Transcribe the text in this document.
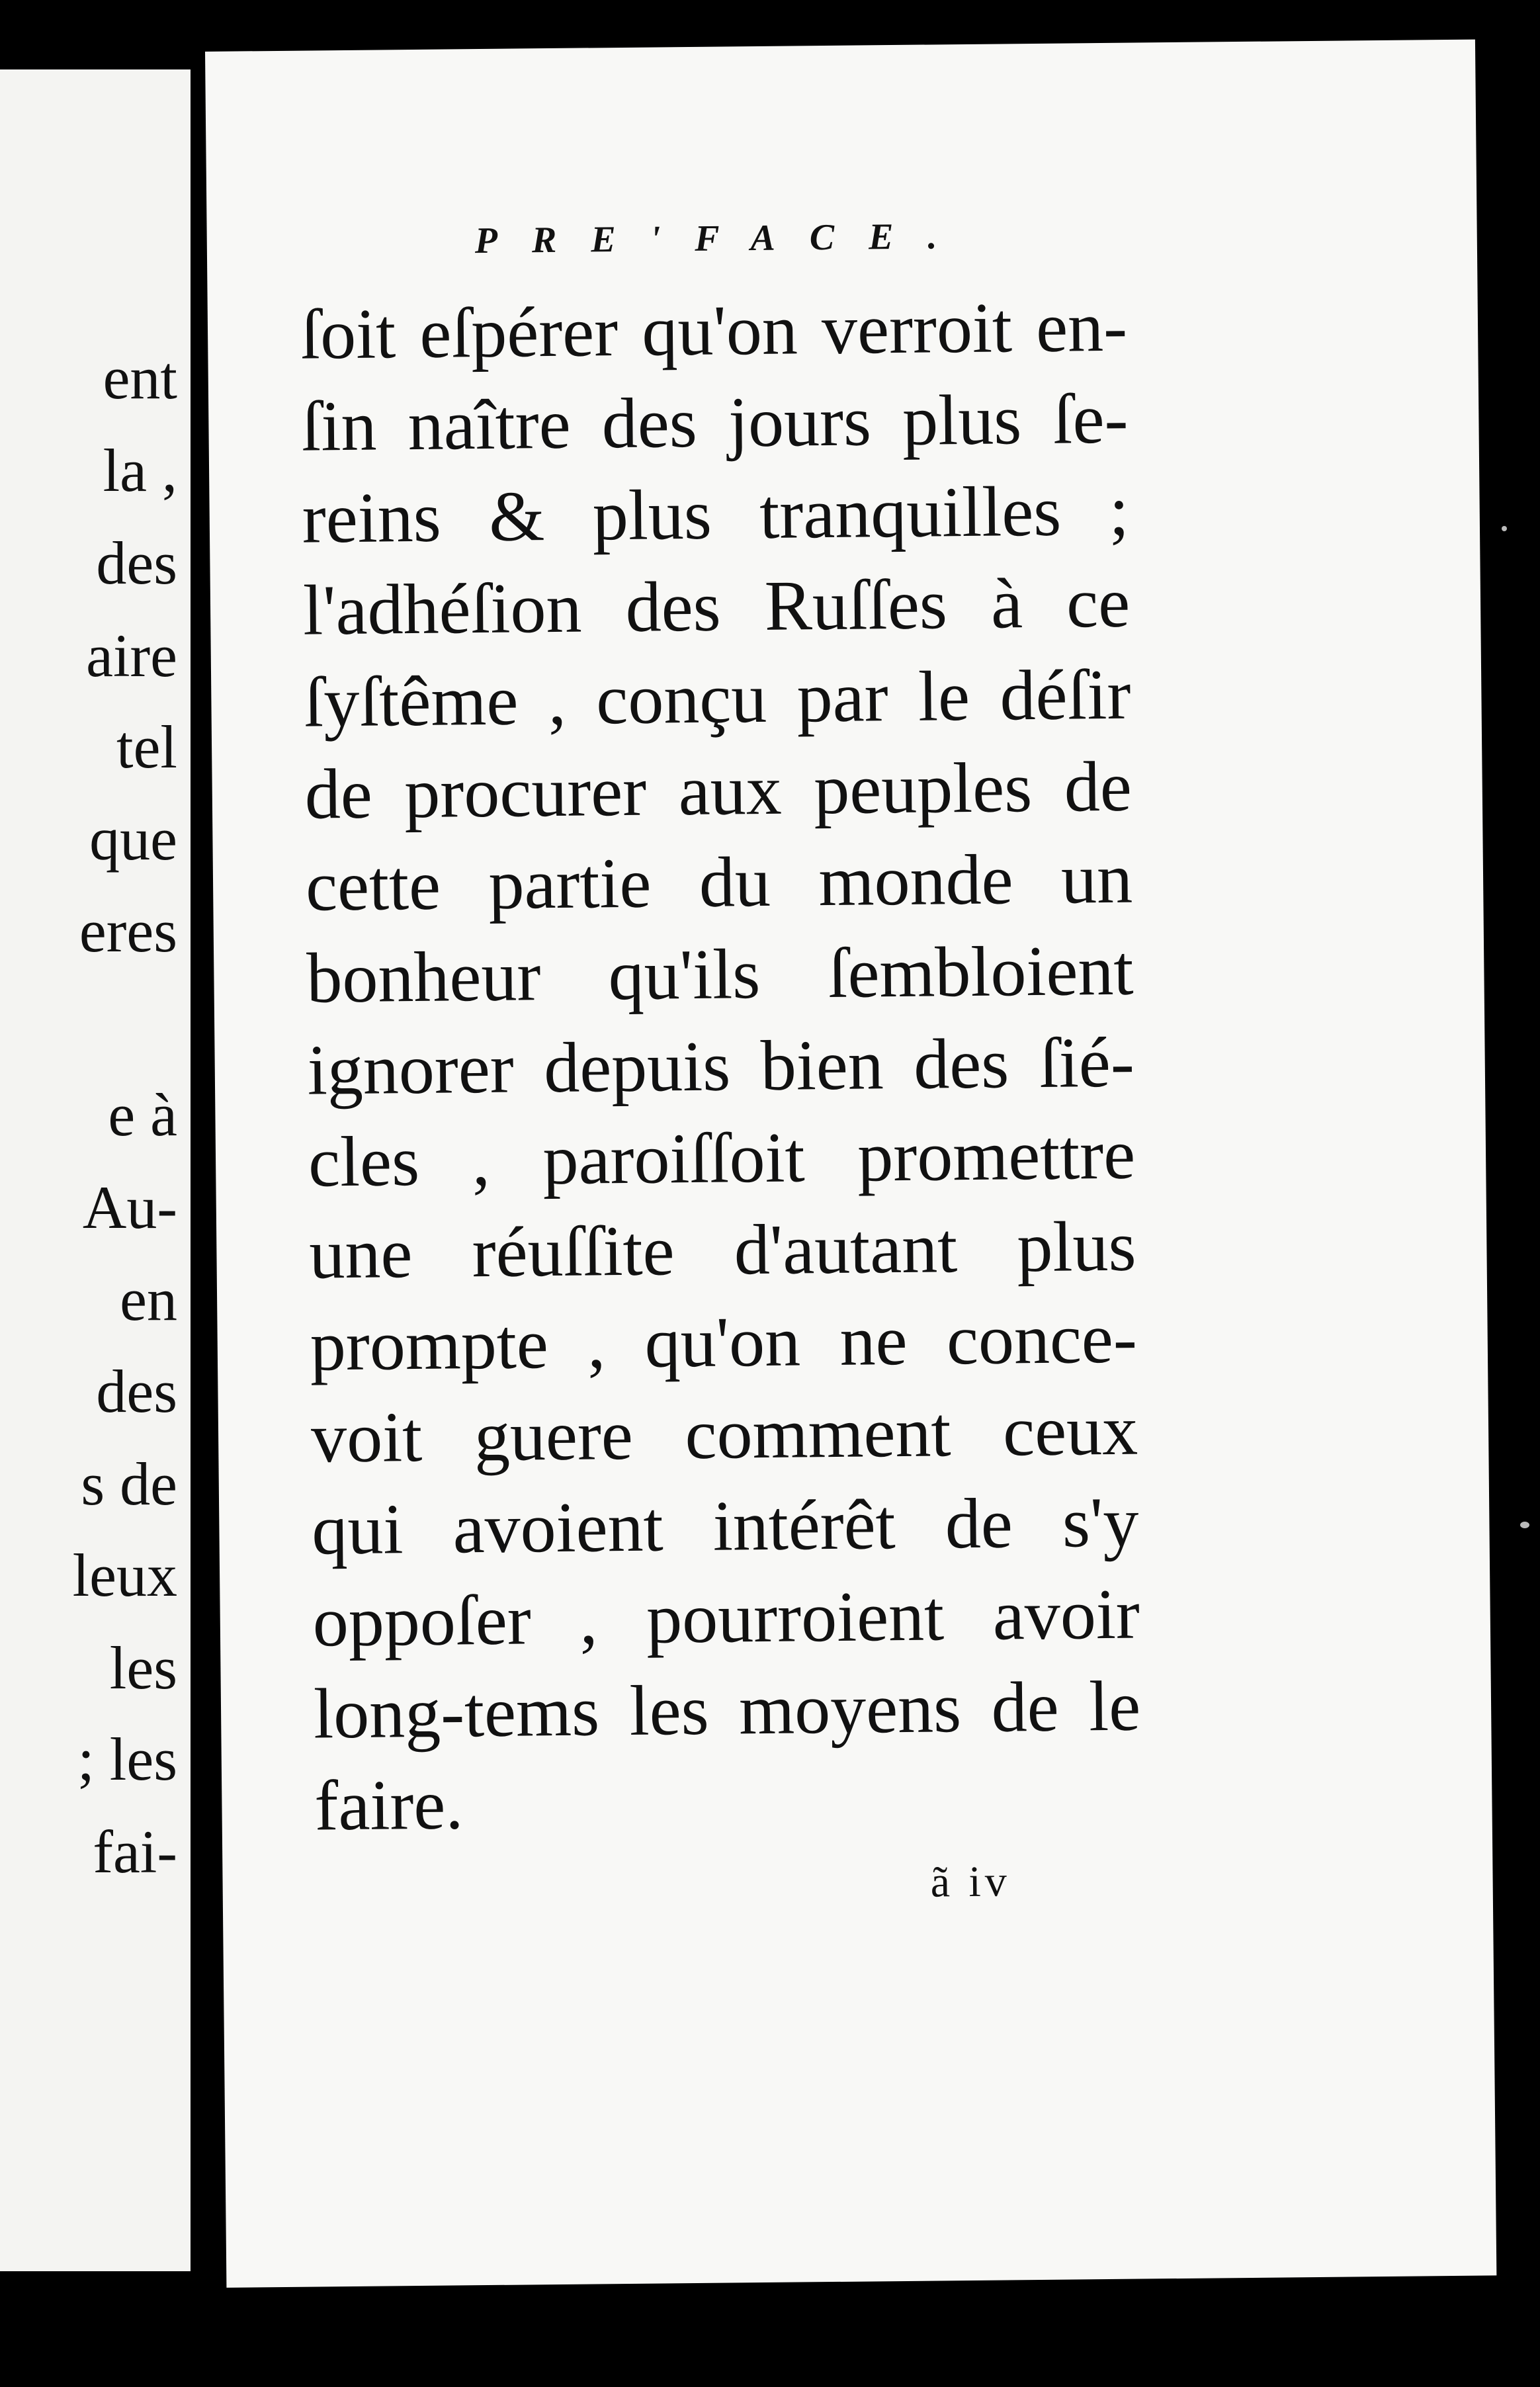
ent
la ,
des
aire
tel
que
eres
e à
Au-
en
des
s de
leux
les
; les
fai-
PRE'FACE.
ſoit eſpérer qu'on verroit en-
ſin naître des jours plus ſe-
reins & plus tranquilles ;
l'adhéſion des Ruſſes à ce
ſyſtême , conçu par le déſir
de procurer aux peuples de
cette partie du monde un
bonheur qu'ils ſembloient
ignorer depuis bien des ſié-
cles , paroiſſoit promettre
une réuſſite d'autant plus
prompte , qu'on ne conce-
voit guere comment ceux
qui avoient intérêt de s'y
oppoſer , pourroient avoir
long-tems les moyens de le
faire.
ã iv
